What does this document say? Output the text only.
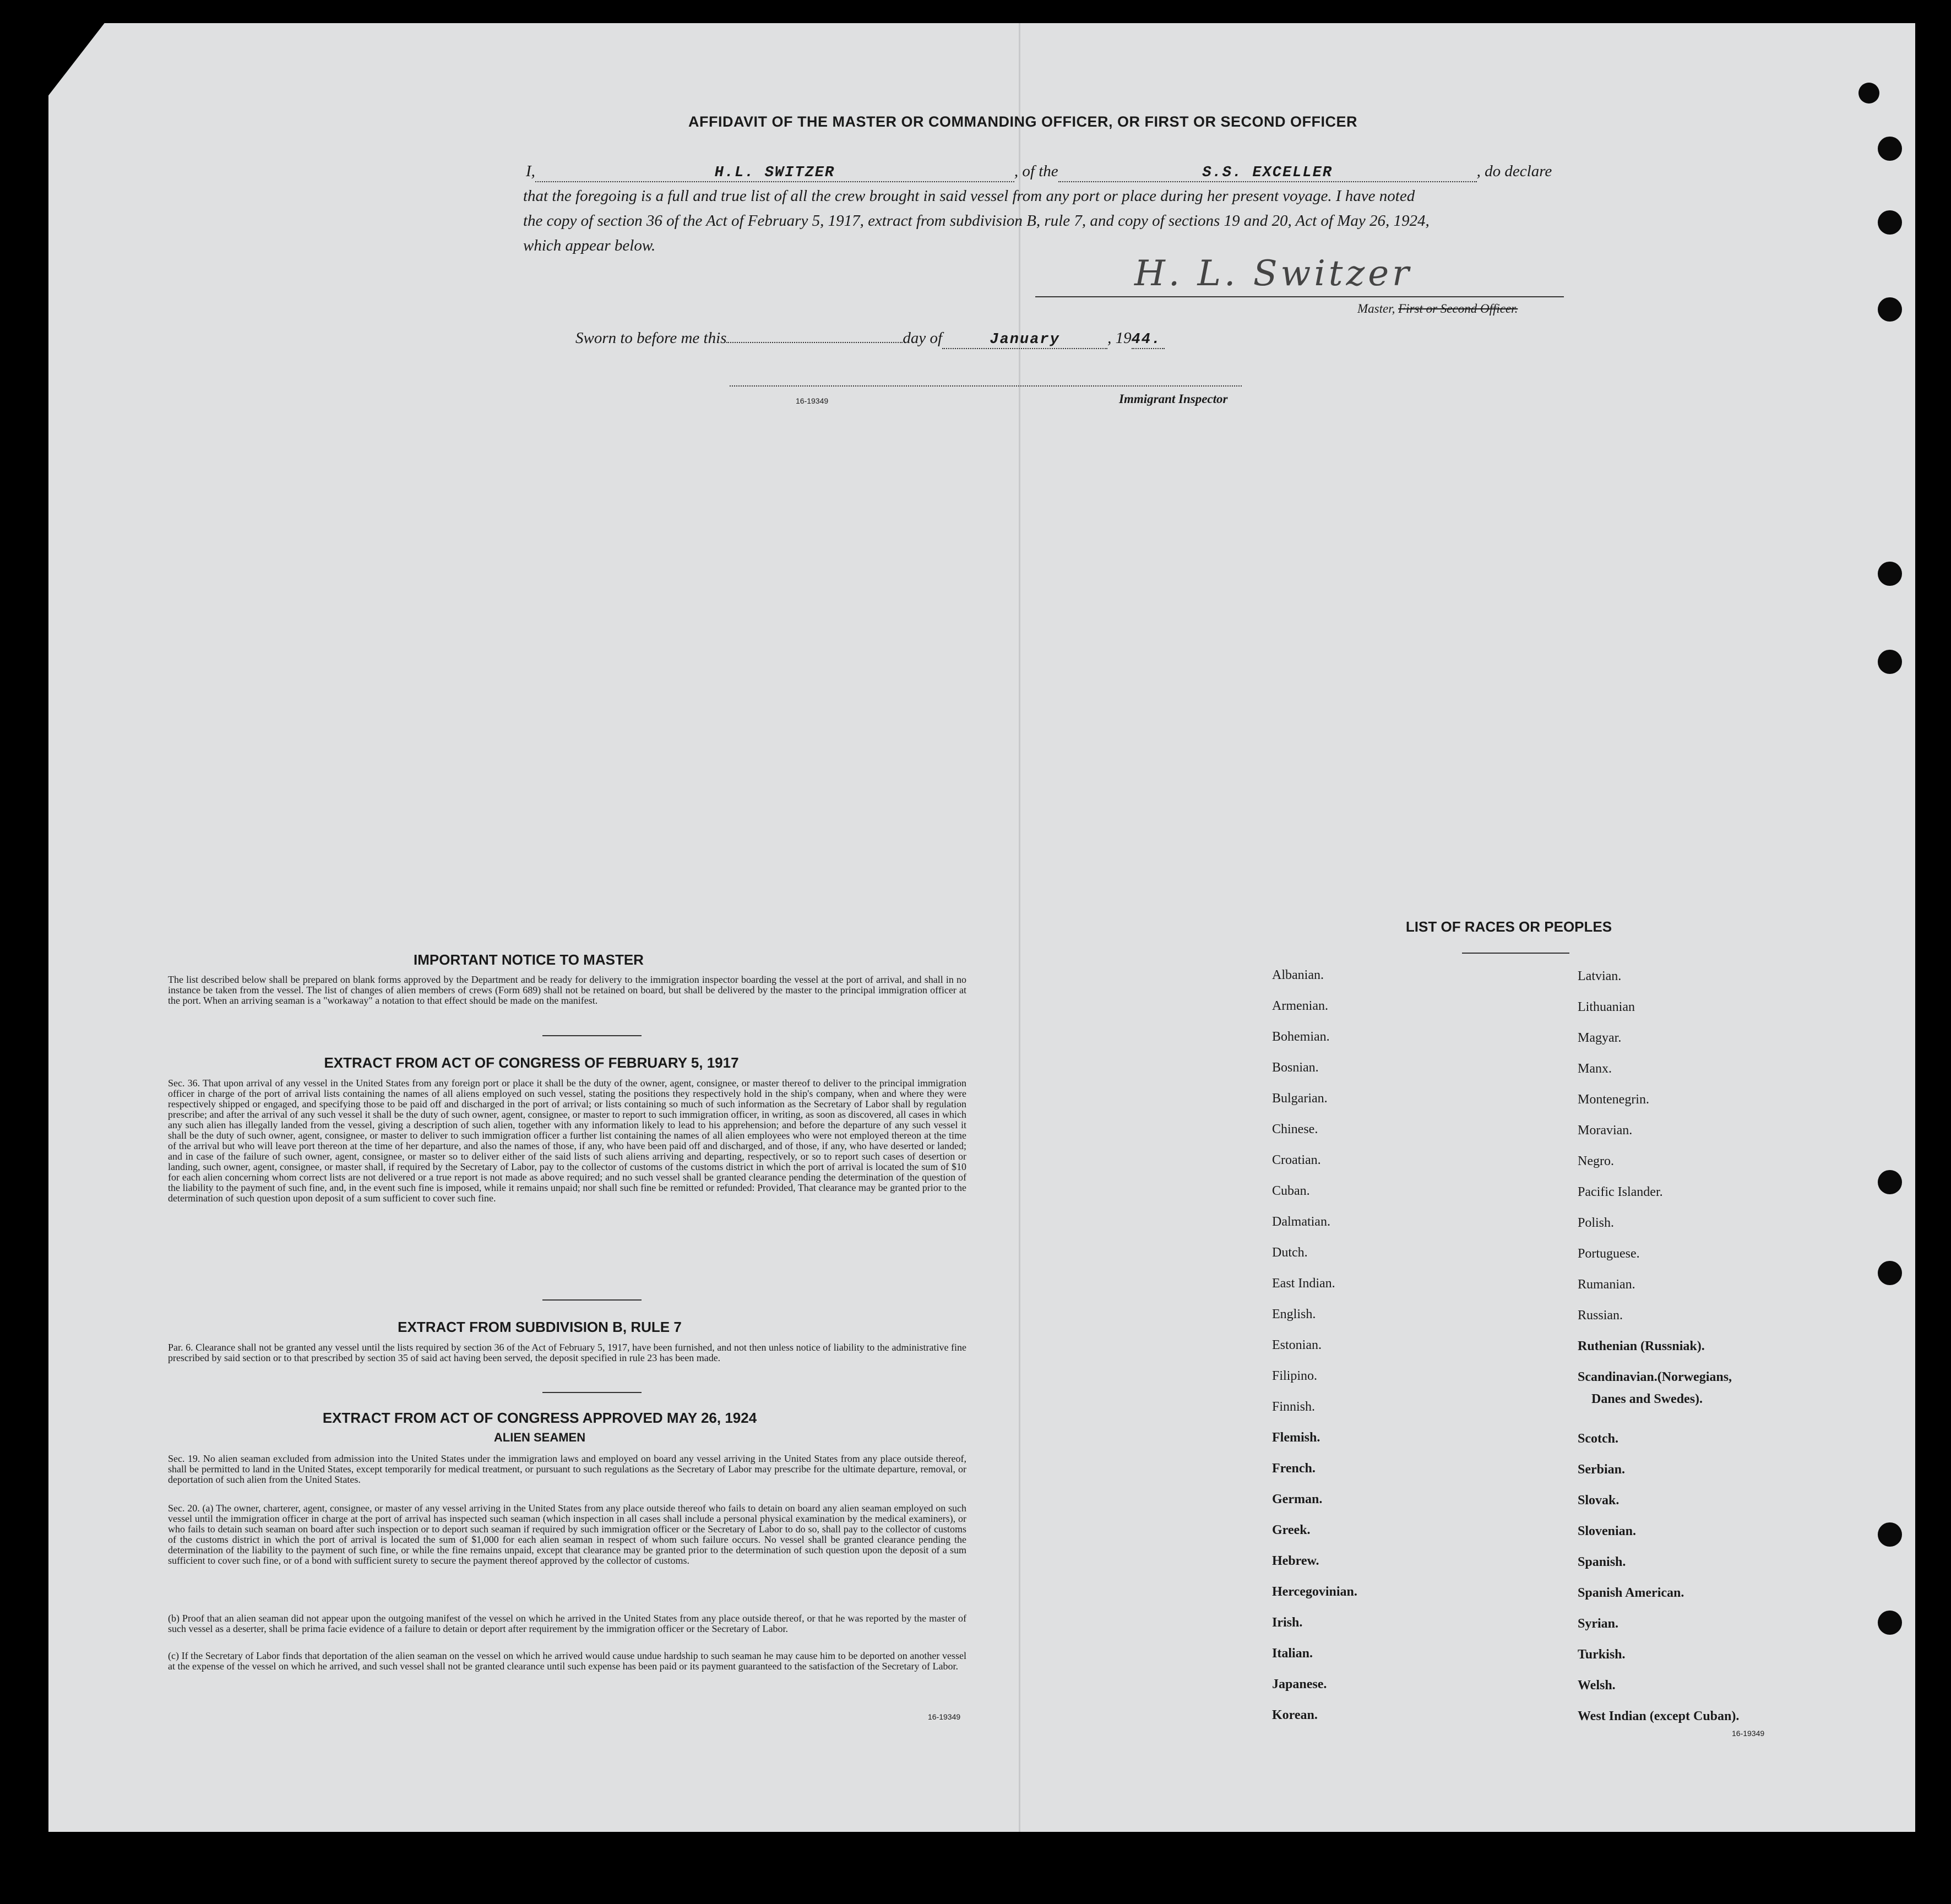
AFFIDAVIT OF THE MASTER OR COMMANDING OFFICER, OR FIRST OR SECOND OFFICER
I,	H.L. SWITZER	, of the	S.S. EXCELLER	, do declare
that the foregoing is a full and true list of all the crew brought in said vessel from any port or place during her present voyage. I have noted
the copy of section 36 of the Act of February 5, 1917, extract from subdivision B, rule 7, and copy of sections 19 and 20, Act of May 26, 1924,
which appear below.
H. L. Switzer
Master, First or Second Officer.
Sworn to before me this	day of	January	, 1944.
16-19349	Immigrant Inspector
IMPORTANT NOTICE TO MASTER
The list described below shall be prepared on blank forms approved by the Department and be ready for delivery to the immigration inspector boarding the vessel at the port of arrival, and shall in no instance be taken from the vessel. The list of changes of alien members of crews (Form 689) shall not be retained on board, but shall be delivered by the master to the principal immigration officer at the port. When an arriving seaman is a "workaway" a notation to that effect should be made on the manifest.
EXTRACT FROM ACT OF CONGRESS OF FEBRUARY 5, 1917
Sec. 36. That upon arrival of any vessel in the United States from any foreign port or place it shall be the duty of the owner, agent, consignee, or master thereof to deliver to the principal immigration officer in charge of the port of arrival lists containing the names of all aliens employed on such vessel, stating the positions they respectively hold in the ship's company, when and where they were respectively shipped or engaged, and specifying those to be paid off and discharged in the port of arrival; or lists containing so much of such information as the Secretary of Labor shall by regulation prescribe; and after the arrival of any such vessel it shall be the duty of such owner, agent, consignee, or master to report to such immigration officer, in writing, as soon as discovered, all cases in which any such alien has illegally landed from the vessel, giving a description of such alien, together with any information likely to lead to his apprehension; and before the departure of any such vessel it shall be the duty of such owner, agent, consignee, or master to deliver to such immigration officer a further list containing the names of all alien employees who were not employed thereon at the time of the arrival but who will leave port thereon at the time of her departure, and also the names of those, if any, who have been paid off and discharged, and of those, if any, who have deserted or landed; and in case of the failure of such owner, agent, consignee, or master so to deliver either of the said lists of such aliens arriving and departing, respectively, or so to report such cases of desertion or landing, such owner, agent, consignee, or master shall, if required by the Secretary of Labor, pay to the collector of customs of the customs district in which the port of arrival is located the sum of $10 for each alien concerning whom correct lists are not delivered or a true report is not made as above required; and no such vessel shall be granted clearance pending the determination of the question of the liability to the payment of such fine, and, in the event such fine is imposed, while it remains unpaid; nor shall such fine be remitted or refunded: Provided, That clearance may be granted prior to the determination of such question upon deposit of a sum sufficient to cover such fine.
EXTRACT FROM SUBDIVISION B, RULE 7
Par. 6. Clearance shall not be granted any vessel until the lists required by section 36 of the Act of February 5, 1917, have been furnished, and not then unless notice of liability to the administrative fine prescribed by said section or to that prescribed by section 35 of said act having been served, the deposit specified in rule 23 has been made.
EXTRACT FROM ACT OF CONGRESS APPROVED MAY 26, 1924
ALIEN SEAMEN
Sec. 19. No alien seaman excluded from admission into the United States under the immigration laws and employed on board any vessel arriving in the United States from any place outside thereof, shall be permitted to land in the United States, except temporarily for medical treatment, or pursuant to such regulations as the Secretary of Labor may prescribe for the ultimate departure, removal, or deportation of such alien from the United States.
Sec. 20. (a) The owner, charterer, agent, consignee, or master of any vessel arriving in the United States from any place outside thereof who fails to detain on board any alien seaman employed on such vessel until the immigration officer in charge at the port of arrival has inspected such seaman (which inspection in all cases shall include a personal physical examination by the medical examiners), or who fails to detain such seaman on board after such inspection or to deport such seaman if required by such immigration officer or the Secretary of Labor to do so, shall pay to the collector of customs of the customs district in which the port of arrival is located the sum of $1,000 for each alien seaman in respect of whom such failure occurs. No vessel shall be granted clearance pending the determination of the liability to the payment of such fine, or while the fine remains unpaid, except that clearance may be granted prior to the determination of such question upon the deposit of a sum sufficient to cover such fine, or of a bond with sufficient surety to secure the payment thereof approved by the collector of customs.
(b) Proof that an alien seaman did not appear upon the outgoing manifest of the vessel on which he arrived in the United States from any place outside thereof, or that he was reported by the master of such vessel as a deserter, shall be prima facie evidence of a failure to detain or deport after requirement by the immigration officer or the Secretary of Labor.
(c) If the Secretary of Labor finds that deportation of the alien seaman on the vessel on which he arrived would cause undue hardship to such seaman he may cause him to be deported on another vessel at the expense of the vessel on which he arrived, and such vessel shall not be granted clearance until such expense has been paid or its payment guaranteed to the satisfaction of the Secretary of Labor.
16-19349
LIST OF RACES OR PEOPLES
Albanian.
Armenian.
Bohemian.
Bosnian.
Bulgarian.
Chinese.
Croatian.
Cuban.
Dalmatian.
Dutch.
East Indian.
English.
Estonian.
Filipino.
Finnish.
Flemish.
French.
German.
Greek.
Hebrew.
Hercegovinian.
Irish.
Italian.
Japanese.
Korean.
Latvian.
Lithuanian
Magyar.
Manx.
Montenegrin.
Moravian.
Negro.
Pacific Islander.
Polish.
Portuguese.
Rumanian.
Russian.
Ruthenian (Russniak).
Scandinavian.(Norwegians,
Scotch.
Serbian.
Slovak.
Slovenian.
Spanish.
Spanish American.
Syrian.
Turkish.
Welsh.
West Indian (except Cuban).
Danes and Swedes).
16-19349
